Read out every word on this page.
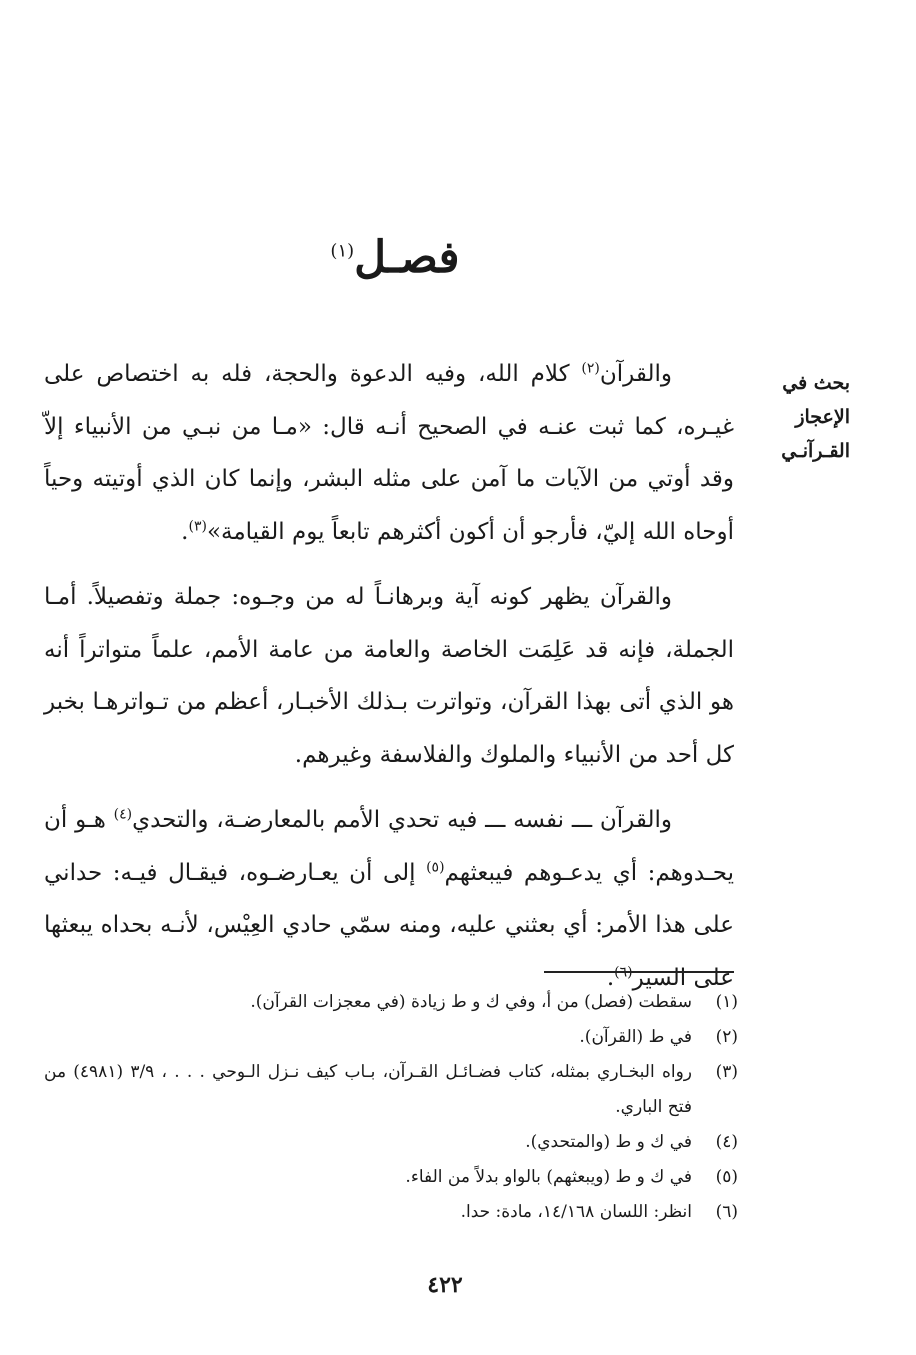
فصـل$^{(١)}$
بحث في الإعجاز
القـرآنـي

والقرآن$^{(٢)}$ كلام الله، وفيه الدعوة والحجة، فله به اختصاص على غيـره، كما ثبت عنـه في الصحيح أنـه قال: «مـا من نبـي من الأنبياء إلاّ وقد أوتي من الآيات ما آمن على مثله البشر، وإنما كان الذي أوتيته وحياً أوحاه الله إليّ، فأرجو أن أكون أكثرهم تابعاً يوم القيامة»$^{(٣)}$.

والقرآن يظهر كونه آية وبرهانـاً له من وجـوه: جملة وتفصيلاً. أمـا الجملة، فإنه قد عَلِمَت الخاصة والعامة من عامة الأمم، علماً متواتراً أنه هو الذي أتى بهذا القرآن، وتواترت بـذلك الأخبـار، أعظم من تـواترهـا بخبر كل أحد من الأنبياء والملوك والفلاسفة وغيرهم.

والقرآن ـــ نفسه ـــ فيه تحدي الأمم بالمعارضـة، والتحدي$^{(٤)}$ هـو أن يحـدوهم: أي يدعـوهم فيبعثهم$^{(٥)}$ إلى أن يعـارضـوه، فيقـال فيـه: حداني على هذا الأمر: أي بعثني عليه، ومنه سمّي حادي العِيْس، لأنـه بحداه يبعثها على السير$^{(٦)}$.

(١)
سقطت (فصل) من أ، وفي ك و ط زيادة (في معجزات القرآن).
(٢)
في ط (القرآن).
(٣)
رواه البخـاري بمثله، كتاب فضـائـل القـرآن، بـاب كيف نـزل الـوحي . . . ، ٣/٩ (٤٩٨١) من فتح الباري.
(٤)
في ك و ط (والمتحدي).
(٥)
في ك و ط (ويبعثهم) بالواو بدلاً من الفاء.
(٦)
انظر: اللسان ١٤/١٦٨، مادة: حدا.
٤٢٢
